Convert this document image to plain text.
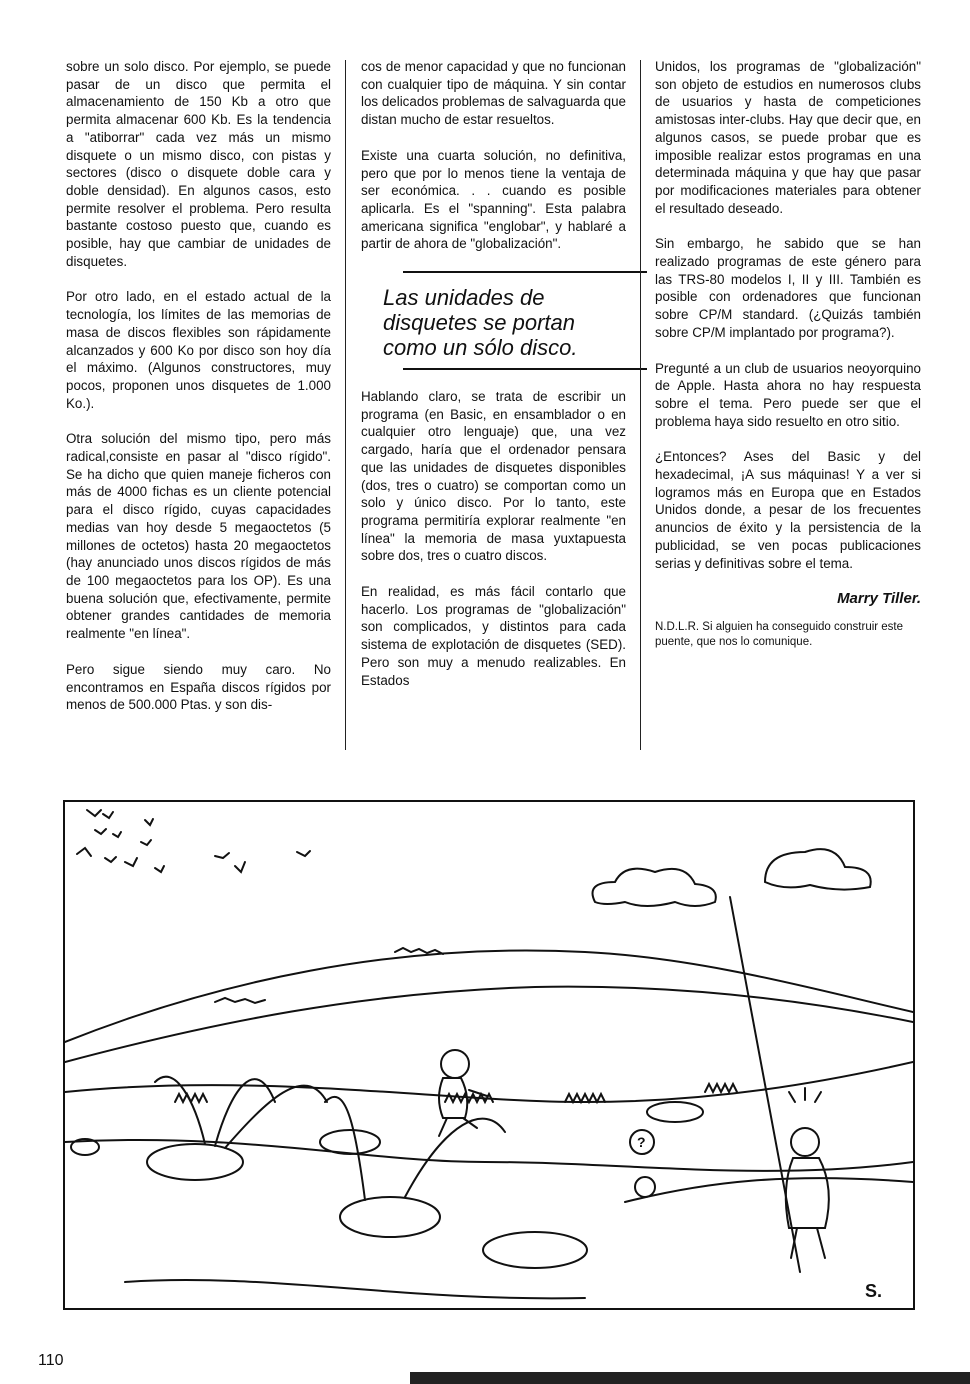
sobre un solo disco. Por ejemplo, se puede pasar de un disco que permita el almacenamiento de 150 Kb a otro que permita almacenar 600 Kb. Es la tendencia a "atiborrar" cada vez más un mismo disquete o un mismo disco, con pistas y sectores (disco o disquete doble cara y doble densidad). En algunos casos, esto permite resolver el problema. Pero resulta bastante costoso puesto que, cuando es posible, hay que cambiar de unidades de disquetes.

Por otro lado, en el estado actual de la tecnología, los límites de las memorias de masa de discos flexibles son rápidamente alcanzados y 600 Ko por disco son hoy día el máximo. (Algunos constructores, muy pocos, proponen unos disquetes de 1.000 Ko.).

Otra solución del mismo tipo, pero más radical,consiste en pasar al "disco rígido". Se ha dicho que quien maneje ficheros con más de 4000 fichas es un cliente potencial para el disco rígido, cuyas capacidades medias van hoy desde 5 megaoctetos (5 millones de octetos) hasta 20 megaoctetos (hay anunciado unos discos rígidos de más de 100 megaoctetos para los OP). Es una buena solución que, efectivamente, permite obtener grandes cantidades de memoria realmente "en línea".

Pero sigue siendo muy caro. No encontramos en España discos rígidos por menos de 500.000 Ptas. y son dis-

cos de menor capacidad y que no funcionan con cualquier tipo de máquina. Y sin contar los delicados problemas de salvaguarda que distan mucho de estar resueltos.

Existe una cuarta solución, no definitiva, pero que por lo menos tiene la ventaja de ser económica. . . cuando es posible aplicarla. Es el "spanning". Esta palabra americana significa "englobar", y hablaré a partir de ahora de "globalización".

Las unidades de disquetes se portan como un sólo disco.

Hablando claro, se trata de escribir un programa (en Basic, en ensamblador o en cualquier otro lenguaje) que, una vez cargado, haría que el ordenador pensara que las unidades de disquetes disponibles (dos, tres o cuatro) se comportan como un solo y único disco. Por lo tanto, este programa permitiría explorar realmente "en línea" la memoria de masa yuxtapuesta sobre dos, tres o cuatro discos.

En realidad, es más fácil contarlo que hacerlo. Los programas de "globalización" son complicados, y distintos para cada sistema de explotación de disquetes (SED). Pero son muy a menudo realizables. En Estados

Unidos, los programas de "globalización" son objeto de estudios en numerosos clubs de usuarios y hasta de competiciones amistosas inter-clubs. Hay que decir que, en algunos casos, se puede probar que es imposible realizar estos programas en una determinada máquina y que hay que pasar por modificaciones materiales para obtener el resultado deseado.

Sin embargo, he sabido que se han realizado programas de este género para las TRS-80 modelos I, II y III. También es posible con ordenadores que funcionan sobre CP/M standard. (¿Quizás también sobre CP/M implantado por programa?).

Pregunté a un club de usuarios neoyorquino de Apple. Hasta ahora no hay respuesta sobre el tema. Pero puede ser que el problema haya sido resuelto en otro sitio.

¿Entonces? Ases del Basic y del hexadecimal, ¡A sus máquinas! Y a ver si logramos más en Europa que en Estados Unidos donde, a pesar de los frecuentes anuncios de éxito y la persistencia de la publicidad, se ven pocas publicaciones serias y definitivas sobre el tema.

Marry Tiller.
N.D.L.R. Si alguien ha conseguido construir este puente, que nos lo comunique.
?
S.
110
